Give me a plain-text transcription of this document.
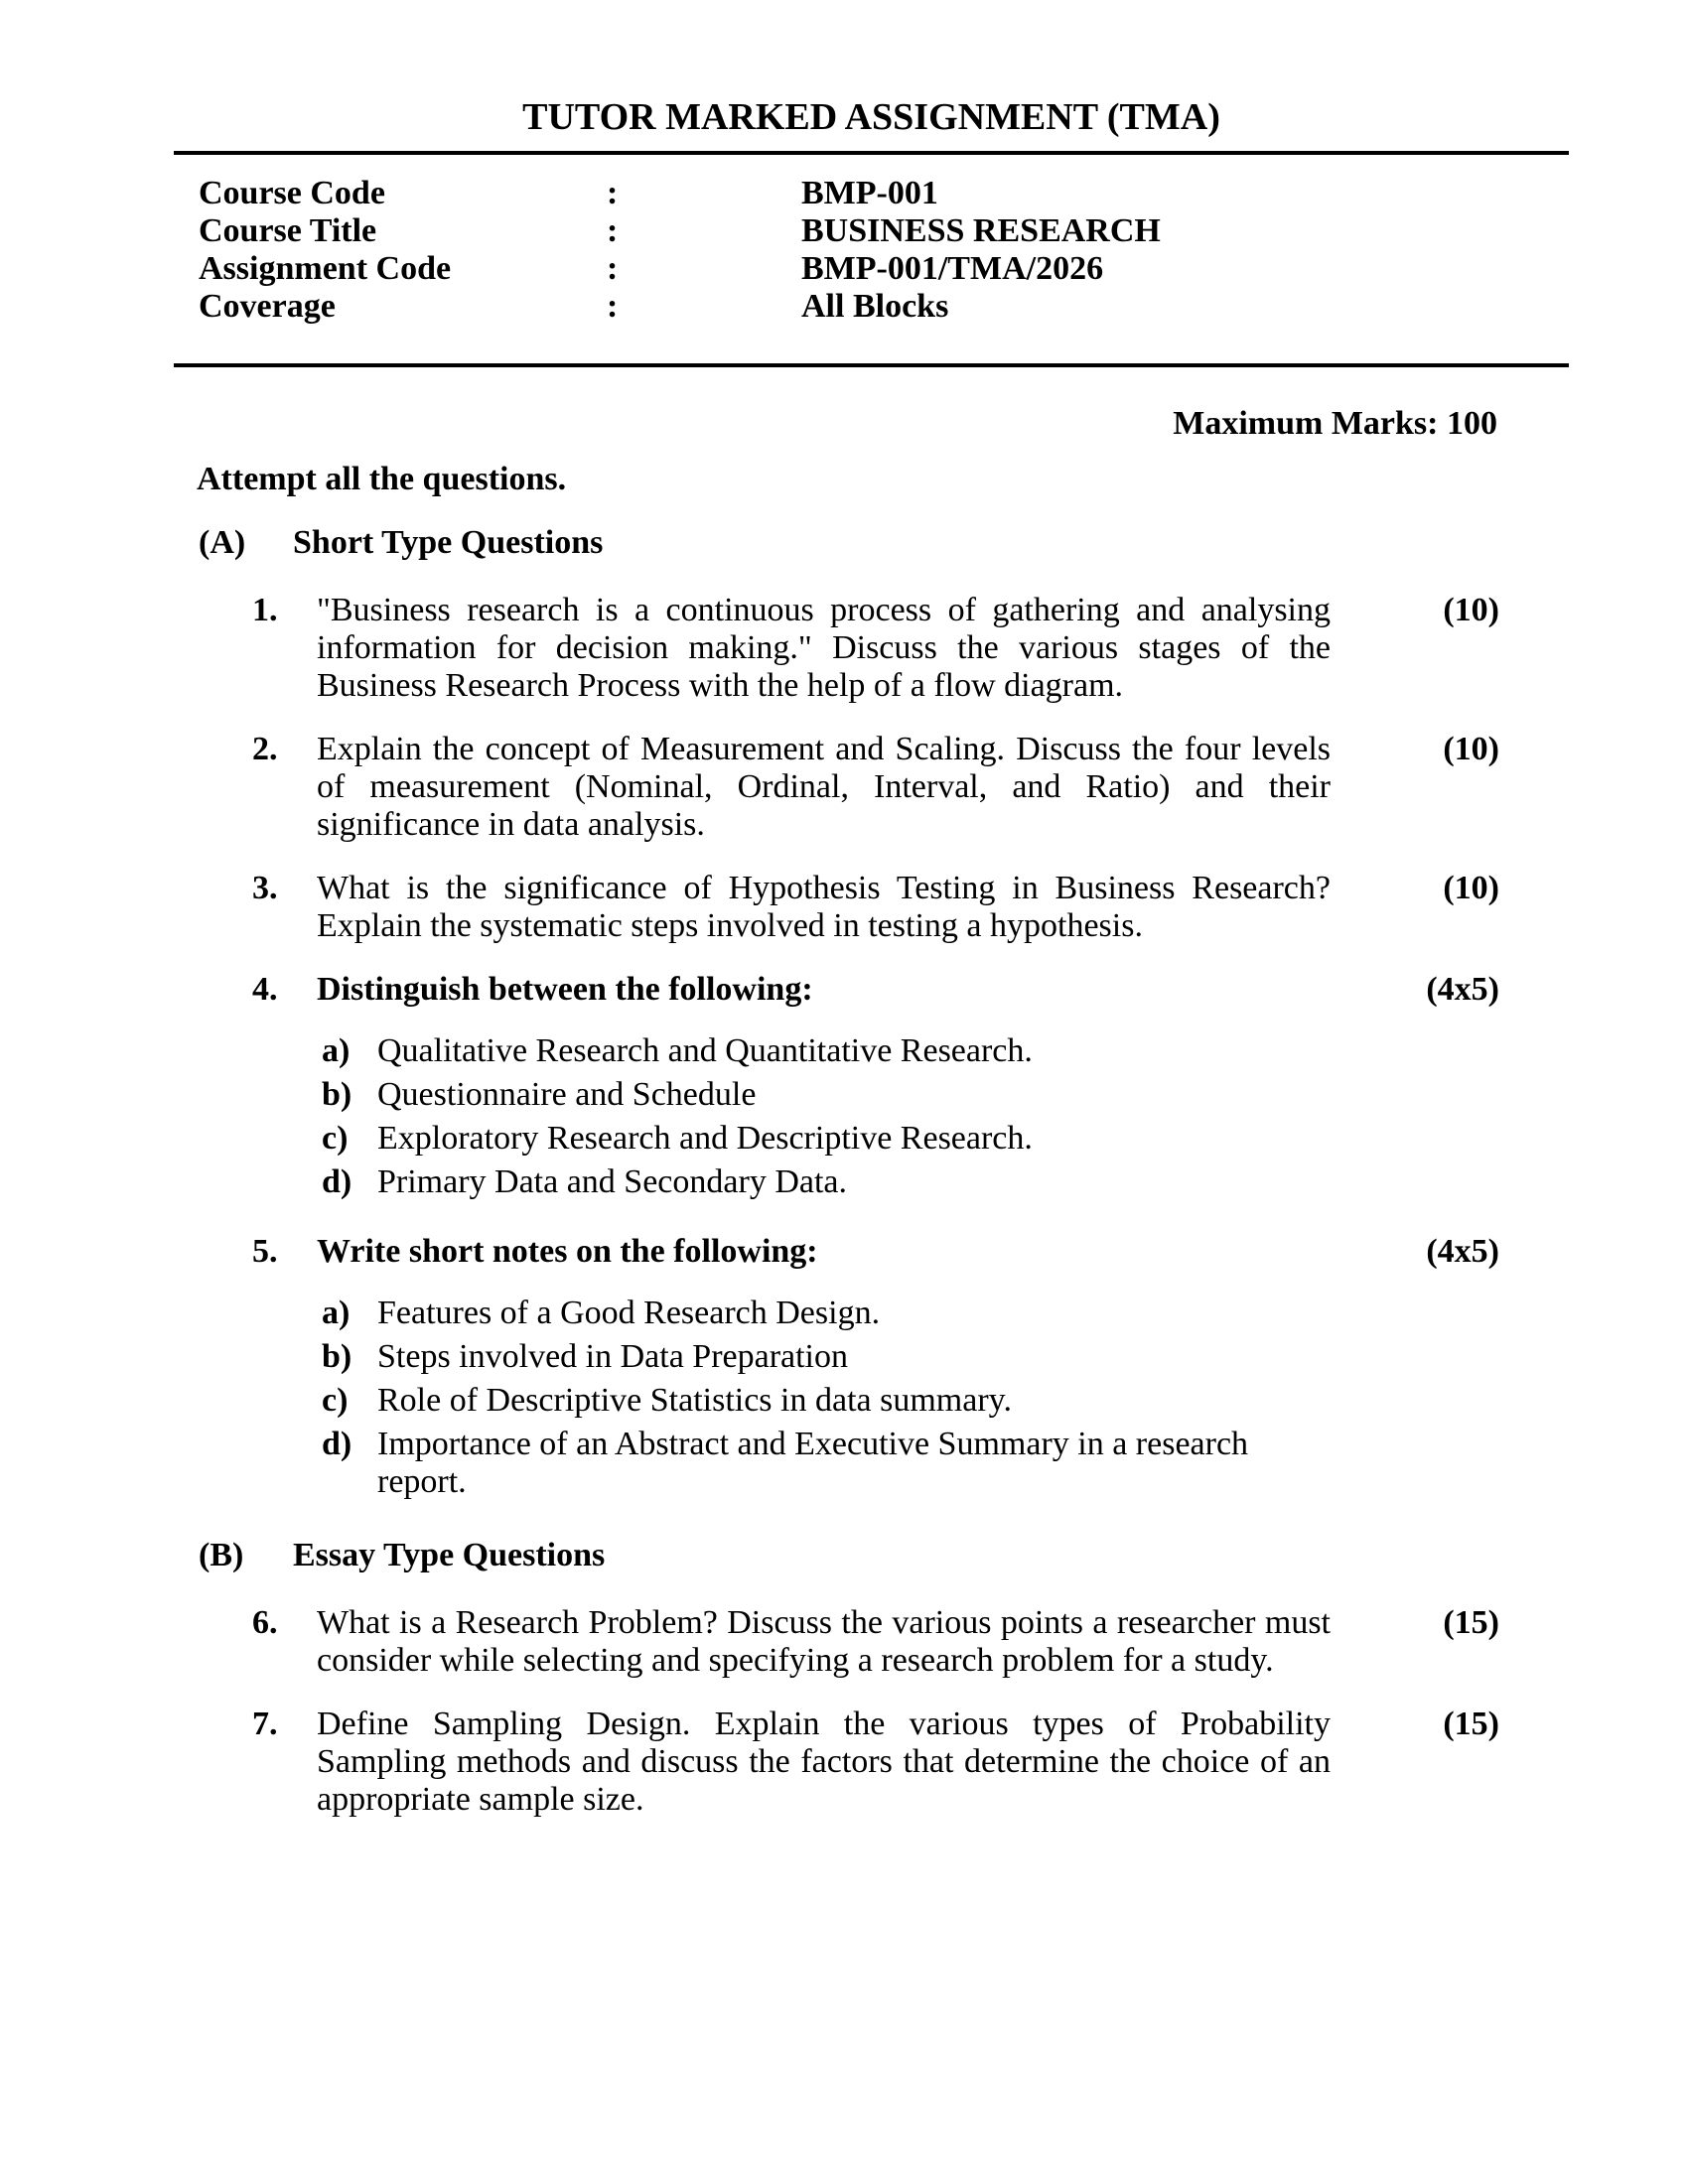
TUTOR MARKED ASSIGNMENT (TMA)
Course Code	:	BMP-001
Course Title	:	BUSINESS RESEARCH
Assignment Code	:	BMP-001/TMA/2026
Coverage	:	All Blocks
Maximum Marks: 100
Attempt all the questions.
(A)	Short Type Questions
1.	"Business research is a continuous process of gathering and analysing information for decision making." Discuss the various stages of the Business Research Process with the help of a flow diagram.

(10)
2.	Explain the concept of Measurement and Scaling. Discuss the four levels of measurement (Nominal, Ordinal, Interval, and Ratio) and their significance in data analysis.

(10)
3.	What is the significance of Hypothesis Testing in Business Research? Explain the systematic steps involved in testing a hypothesis.

(10)
4.	Distinguish between the following:

a) Qualitative Research and Quantitative Research.
b) Questionnaire and Schedule
c) Exploratory Research and Descriptive Research.
d) Primary Data and Secondary Data.
(4x5)
5.	Write short notes on the following:

a) Features of a Good Research Design.
b) Steps involved in Data Preparation
c) Role of Descriptive Statistics in data summary.
d) Importance of an Abstract and Executive Summary in a research report.
(4x5)
(B)	Essay Type Questions
6.	What is a Research Problem? Discuss the various points a researcher must consider while selecting and specifying a research problem for a study.

(15)
7.	Define Sampling Design. Explain the various types of Probability Sampling methods and discuss the factors that determine the choice of an appropriate sample size.

(15)
